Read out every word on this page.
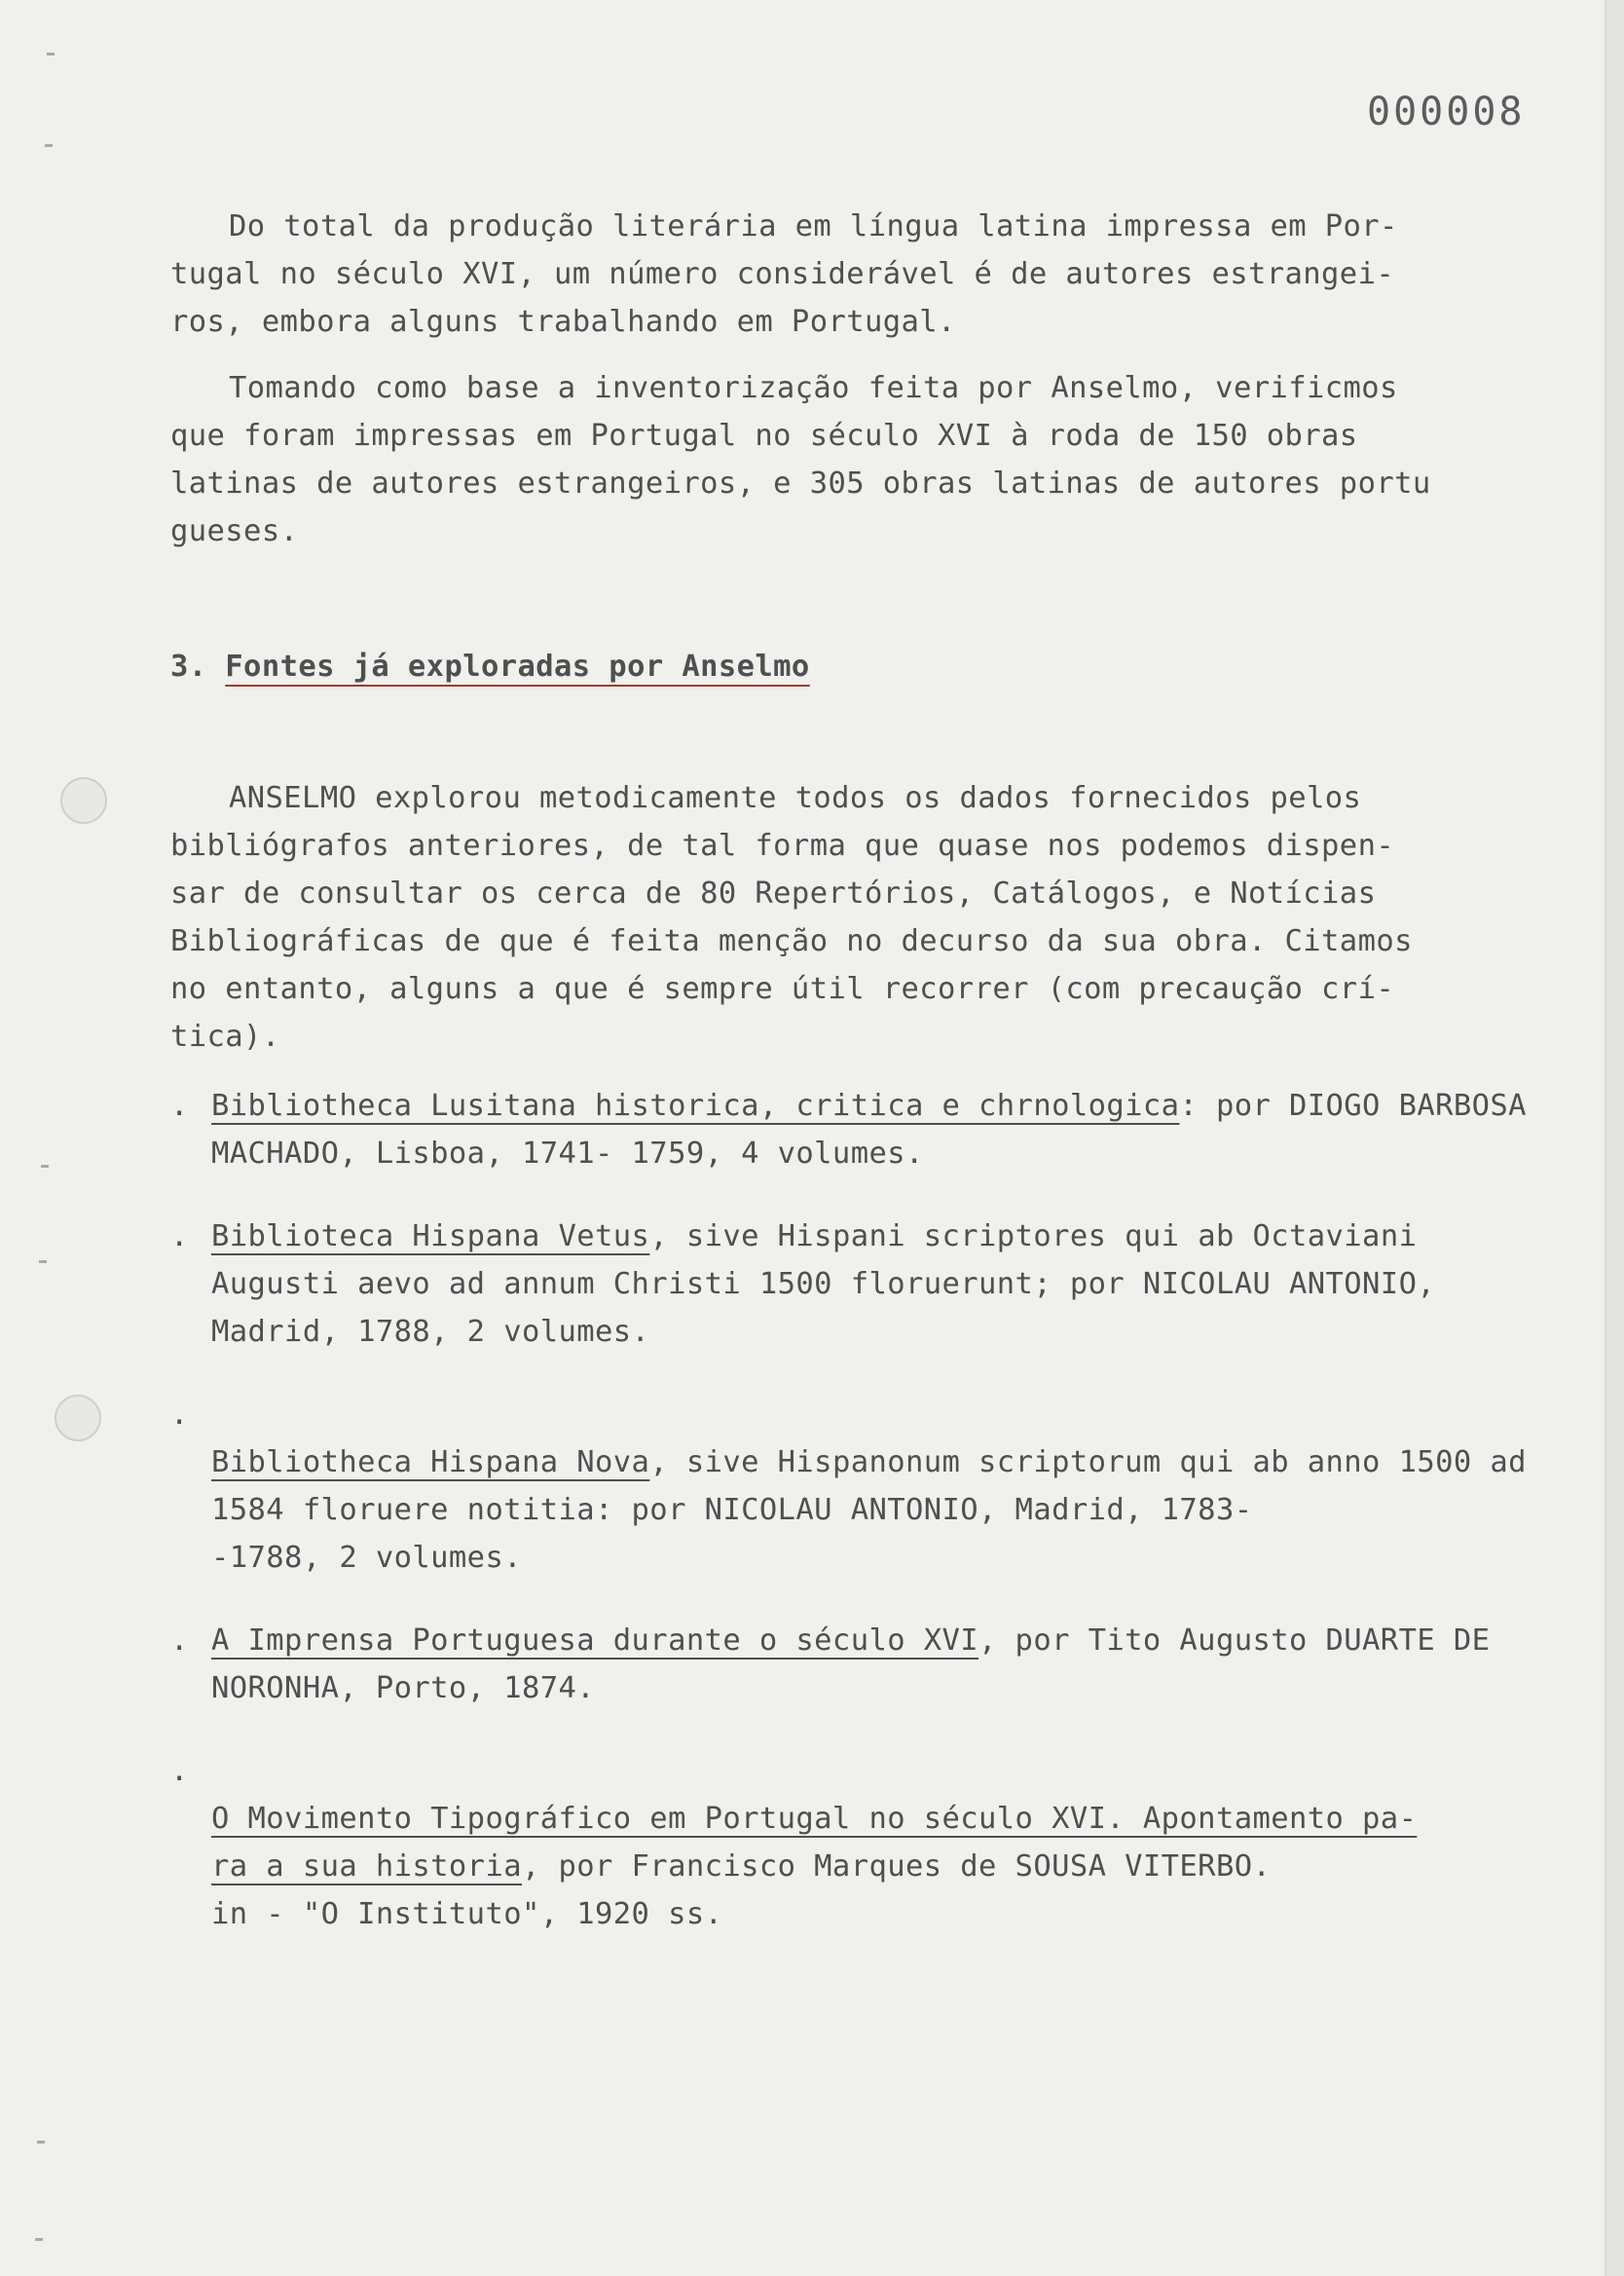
000008

Do total da produção literária em língua latina impressa em Por-
tugal no século XVI, um número considerável é de autores estrangei-
ros, embora alguns trabalhando em Portugal.

Tomando como base a inventorização feita por Anselmo, verificmos
que foram impressas em Portugal no século XVI à roda de 150 obras
latinas de autores estrangeiros, e 305 obras latinas de autores portu
gueses.

3. Fontes já exploradas por Anselmo

ANSELMO explorou metodicamente todos os dados fornecidos pelos
bibliógrafos anteriores, de tal forma que quase nos podemos dispen-
sar de consultar os cerca de 80 Repertórios, Catálogos, e Notícias
Bibliográficas de que é feita menção no decurso da sua obra. Citamos
no entanto, alguns a que é sempre útil recorrer (com precaução crí-
tica).

. Bibliotheca Lusitana historica, critica e chrnologica: por DIOGO BARBOSA MACHADO, Lisboa, 1741- 1759, 4 volumes.
. Biblioteca Hispana Vetus, sive Hispani scriptores qui ab Octaviani Augusti aevo ad annum Christi 1500 floruerunt; por NICOLAU ANTONIO, Madrid, 1788, 2 volumes.

.
Bibliotheca Hispana Nova, sive Hispanonum scriptorum qui ab anno 1500 ad 1584 floruere notitia: por NICOLAU ANTONIO, Madrid, 1783-
-1788, 2 volumes.

. A Imprensa Portuguesa durante o século XVI, por Tito Augusto DUARTE DE NORONHA, Porto, 1874.

.
O Movimento Tipográfico em Portugal no século XVI. Apontamento pa-
ra a sua historia, por Francisco Marques de SOUSA VITERBO.

in - "O Instituto", 1920 ss.
